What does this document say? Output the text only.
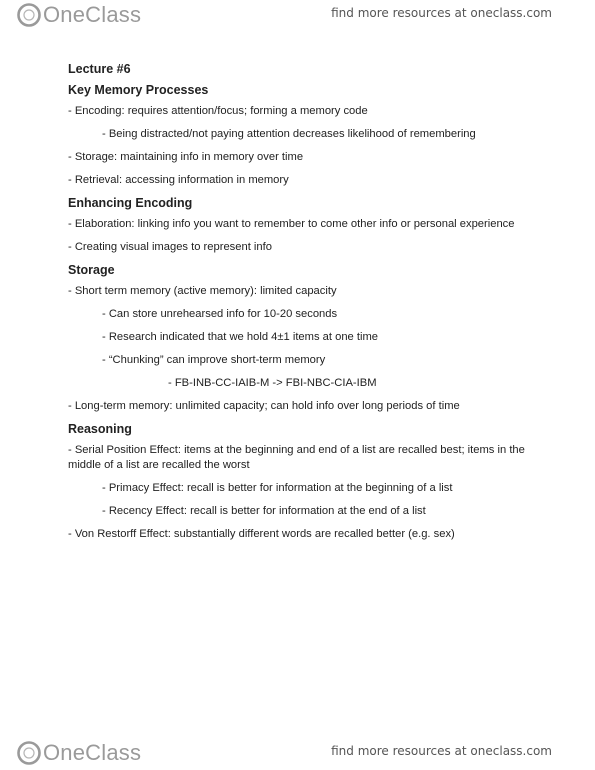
OneClass	find more resources at oneclass.com
Lecture #6
Key Memory Processes
- Encoding: requires attention/focus; forming a memory code
- Being distracted/not paying attention decreases likelihood of remembering
- Storage: maintaining info in memory over time
- Retrieval: accessing information in memory
Enhancing Encoding
- Elaboration: linking info you want to remember to come other info or personal experience
- Creating visual images to represent info
Storage
- Short term memory (active memory): limited capacity
- Can store unrehearsed info for 10-20 seconds
- Research indicated that we hold 4±1 items at one time
- “Chunking” can improve short-term memory
- FB-INB-CC-IAIB-M -> FBI-NBC-CIA-IBM
- Long-term memory: unlimited capacity; can hold info over long periods of time
Reasoning
- Serial Position Effect: items at the beginning and end of a list are recalled best; items in the middle of a list are recalled the worst
- Primacy Effect: recall is better for information at the beginning of a list
- Recency Effect: recall is better for information at the end of a list
- Von Restorff Effect: substantially different words are recalled better (e.g. sex)
OneClass	find more resources at oneclass.com
